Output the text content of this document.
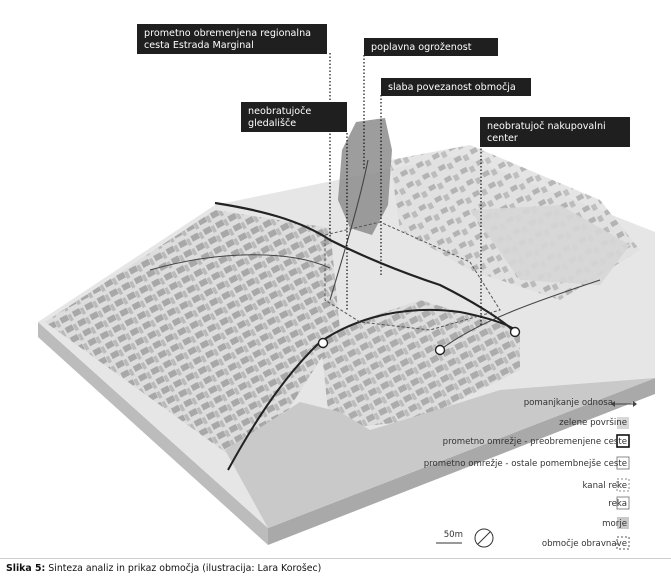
prometno obremenjena regionalna cesta Estrada Marginal	poplavna ogroženost
slaba povezanost območja
neobratujoče gledališče	neobratujoč nakupovalni center
pomanjkanje odnosa
zelene površine
prometno omrežje - preobremenjene ceste
prometno omrežje - ostale pomembnejše ceste
kanal reke
reka
morje
območje obravnave
50m
Slika 5: Sinteza analiz in prikaz območja (ilustracija: Lara Korošec)
